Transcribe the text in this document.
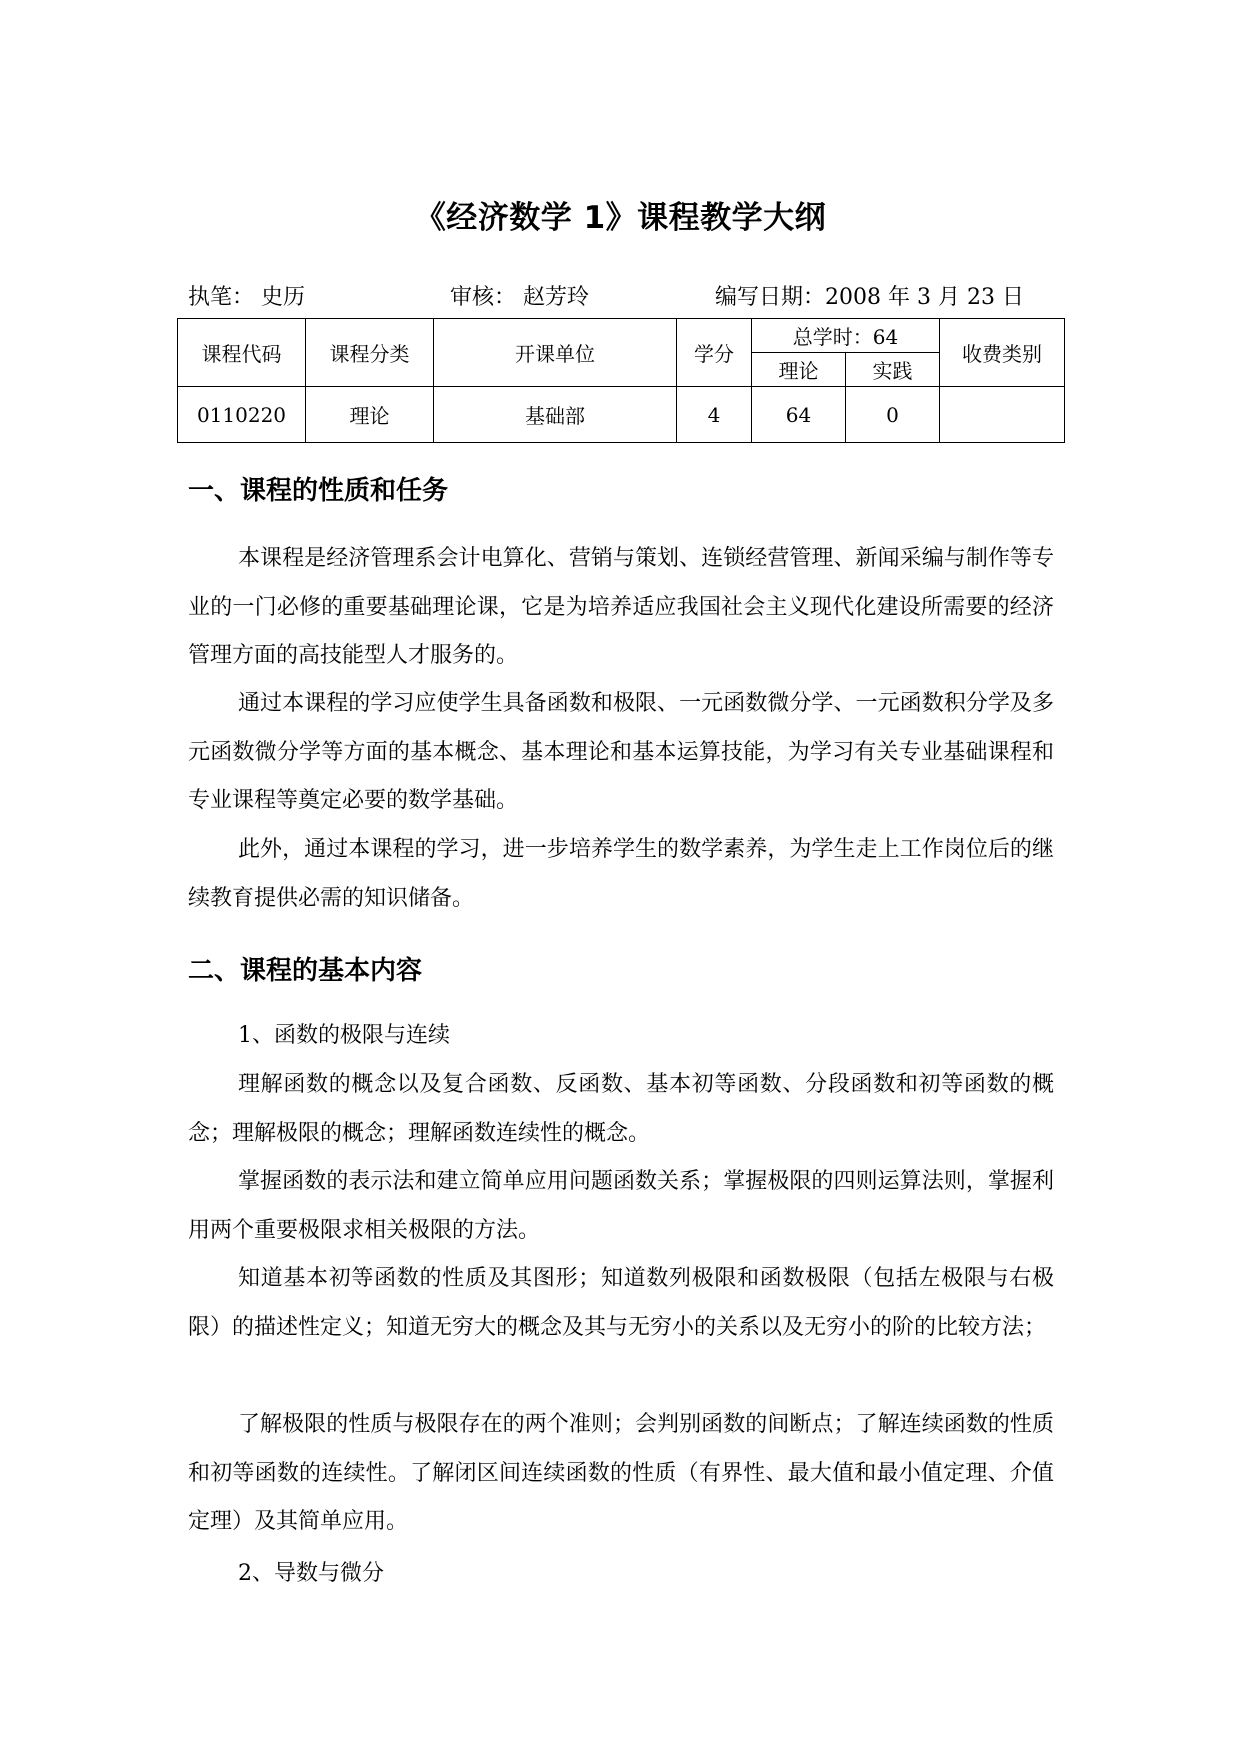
《经济数学 1》课程教学大纲
执笔： 史历	审核： 赵芳玲	编写日期：2008 年 3 月 23 日
课程代码	课程分类	开课单位	学分	总学时：64		收费类别
				理论	实践	
0110220	理论	基础部	4	64	0	
一、课程的性质和任务

本课程是经济管理系会计电算化、营销与策划、连锁经营管理、新闻采编与制作等专业的一门必修的重要基础理论课，它是为培养适应我国社会主义现代化建设所需要的经济管理方面的高技能型人才服务的。

通过本课程的学习应使学生具备函数和极限、一元函数微分学、一元函数积分学及多元函数微分学等方面的基本概念、基本理论和基本运算技能，为学习有关专业基础课程和专业课程等奠定必要的数学基础。

此外，通过本课程的学习，进一步培养学生的数学素养，为学生走上工作岗位后的继续教育提供必需的知识储备。

二、课程的基本内容
1、函数的极限与连续

理解函数的概念以及复合函数、反函数、基本初等函数、分段函数和初等函数的概念；理解极限的概念；理解函数连续性的概念。

掌握函数的表示法和建立简单应用问题函数关系；掌握极限的四则运算法则，掌握利用两个重要极限求相关极限的方法。

知道基本初等函数的性质及其图形；知道数列极限和函数极限（包括左极限与右极限）的描述性定义；知道无穷大的概念及其与无穷小的关系以及无穷小的阶的比较方法；

了解极限的性质与极限存在的两个准则；会判别函数的间断点；了解连续函数的性质和初等函数的连续性。了解闭区间连续函数的性质（有界性、最大值和最小值定理、介值定理）及其简单应用。

2、导数与微分
